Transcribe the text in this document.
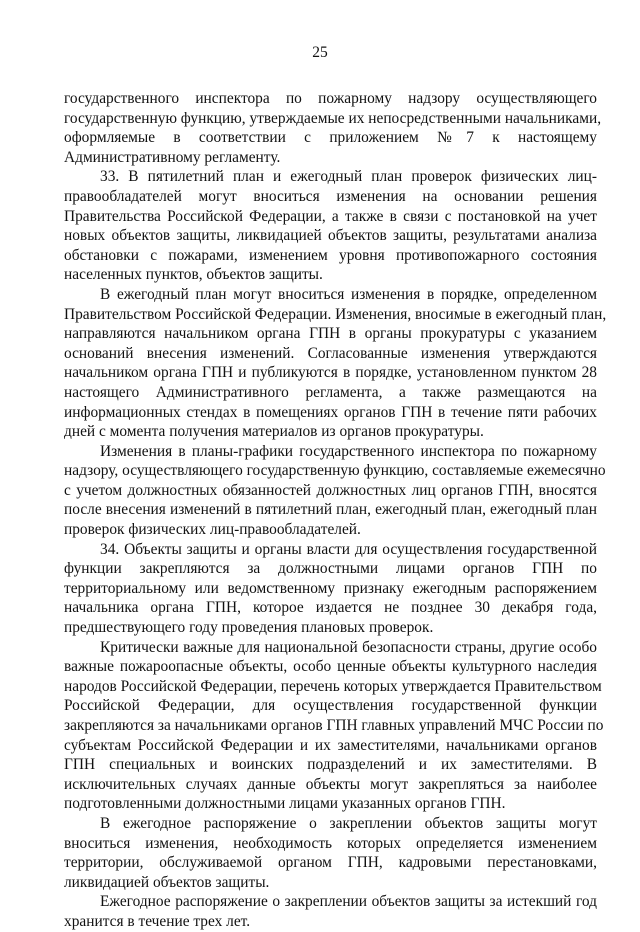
25
государственного инспектора по пожарному надзору осуществляющего
государственную функцию, утверждаемые их непосредственными начальниками,
оформляемые в соответствии с приложением №7 к настоящему
Административному регламенту.
33. В пятилетний план и ежегодный план проверок физических лиц-
правообладателей могут вноситься изменения на основании решения
Правительства Российской Федерации, а также в связи с постановкой на учет
новых объектов защиты, ликвидацией объектов защиты, результатами анализа
обстановки с пожарами, изменением уровня противопожарного состояния
населенных пунктов, объектов защиты.
В ежегодный план могут вноситься изменения в порядке, определенном
Правительством Российской Федерации. Изменения, вносимые в ежегодный план,
направляются начальником органа ГПН в органы прокуратуры с указанием
оснований внесения изменений. Согласованные изменения утверждаются
начальником органа ГПН и публикуются в порядке, установленном пунктом 28
настоящего Административного регламента, а также размещаются на
информационных стендах в помещениях органов ГПН в течение пяти рабочих
дней с момента получения материалов из органов прокуратуры.
Изменения в планы-графики государственного инспектора по пожарному
надзору, осуществляющего государственную функцию, составляемые ежемесячно
с учетом должностных обязанностей должностных лиц органов ГПН, вносятся
после внесения изменений в пятилетний план, ежегодный план, ежегодный план
проверок физических лиц-правообладателей.
34. Объекты защиты и органы власти для осуществления государственной
функции закрепляются за должностными лицами органов ГПН по
территориальному или ведомственному признаку ежегодным распоряжением
начальника органа ГПН, которое издается не позднее 30 декабря года,
предшествующего году проведения плановых проверок.
Критически важные для национальной безопасности страны, другие особо
важные пожароопасные объекты, особо ценные объекты культурного наследия
народов Российской Федерации, перечень которых утверждается Правительством
Российской Федерации, для осуществления государственной функции
закрепляются за начальниками органов ГПН главных управлений МЧС России по
субъектам Российской Федерации и их заместителями, начальниками органов
ГПН специальных и воинских подразделений и их заместителями. В
исключительных случаях данные объекты могут закрепляться за наиболее
подготовленными должностными лицами указанных органов ГПН.
В ежегодное распоряжение о закреплении объектов защиты могут
вноситься изменения, необходимость которых определяется изменением
территории, обслуживаемой органом ГПН, кадровыми перестановками,
ликвидацией объектов защиты.
Ежегодное распоряжение о закреплении объектов защиты за истекший год
хранится в течение трех лет.
